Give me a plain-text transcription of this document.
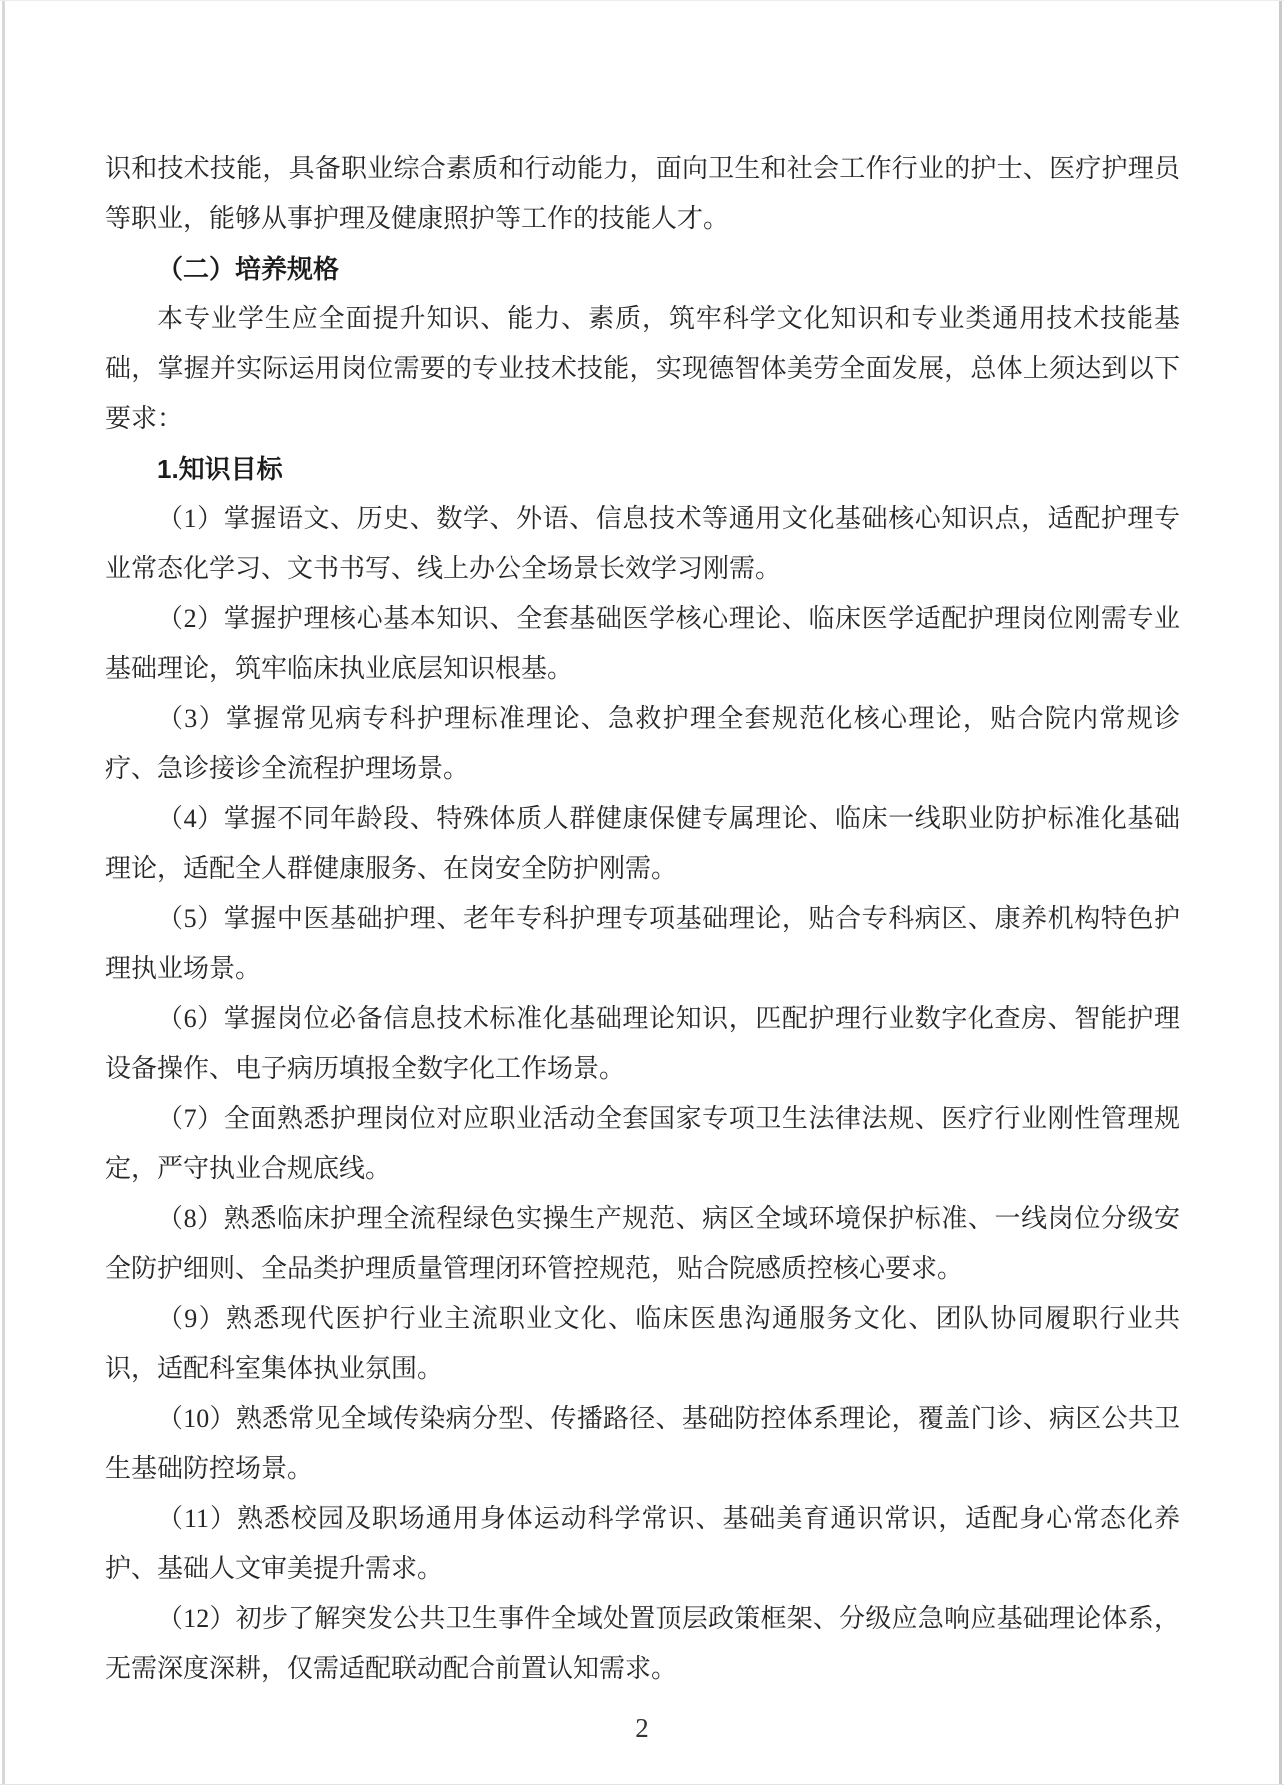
识和技术技能，具备职业综合素质和行动能力，面向卫生和社会工作行业的护士、医疗护理员等职业，能够从事护理及健康照护等工作的技能人才。

（二）培养规格

本专业学生应全面提升知识、能力、素质，筑牢科学文化知识和专业类通用技术技能基础，掌握并实际运用岗位需要的专业技术技能，实现德智体美劳全面发展，总体上须达到以下要求：

1.知识目标

（1）掌握语文、历史、数学、外语、信息技术等通用文化基础核心知识点，适配护理专业常态化学习、文书书写、线上办公全场景长效学习刚需。

（2）掌握护理核心基本知识、全套基础医学核心理论、临床医学适配护理岗位刚需专业基础理论，筑牢临床执业底层知识根基。

（3）掌握常见病专科护理标准理论、急救护理全套规范化核心理论，贴合院内常规诊疗、急诊接诊全流程护理场景。

（4）掌握不同年龄段、特殊体质人群健康保健专属理论、临床一线职业防护标准化基础理论，适配全人群健康服务、在岗安全防护刚需。

（5）掌握中医基础护理、老年专科护理专项基础理论，贴合专科病区、康养机构特色护理执业场景。

（6）掌握岗位必备信息技术标准化基础理论知识，匹配护理行业数字化查房、智能护理设备操作、电子病历填报全数字化工作场景。

（7）全面熟悉护理岗位对应职业活动全套国家专项卫生法律法规、医疗行业刚性管理规定，严守执业合规底线。

（8）熟悉临床护理全流程绿色实操生产规范、病区全域环境保护标准、一线岗位分级安全防护细则、全品类护理质量管理闭环管控规范，贴合院感质控核心要求。

（9）熟悉现代医护行业主流职业文化、临床医患沟通服务文化、团队协同履职行业共识，适配科室集体执业氛围。

（10）熟悉常见全域传染病分型、传播路径、基础防控体系理论，覆盖门诊、病区公共卫生基础防控场景。

（11）熟悉校园及职场通用身体运动科学常识、基础美育通识常识，适配身心常态化养护、基础人文审美提升需求。

（12）初步了解突发公共卫生事件全域处置顶层政策框架、分级应急响应基础理论体系，无需深度深耕，仅需适配联动配合前置认知需求。

2
